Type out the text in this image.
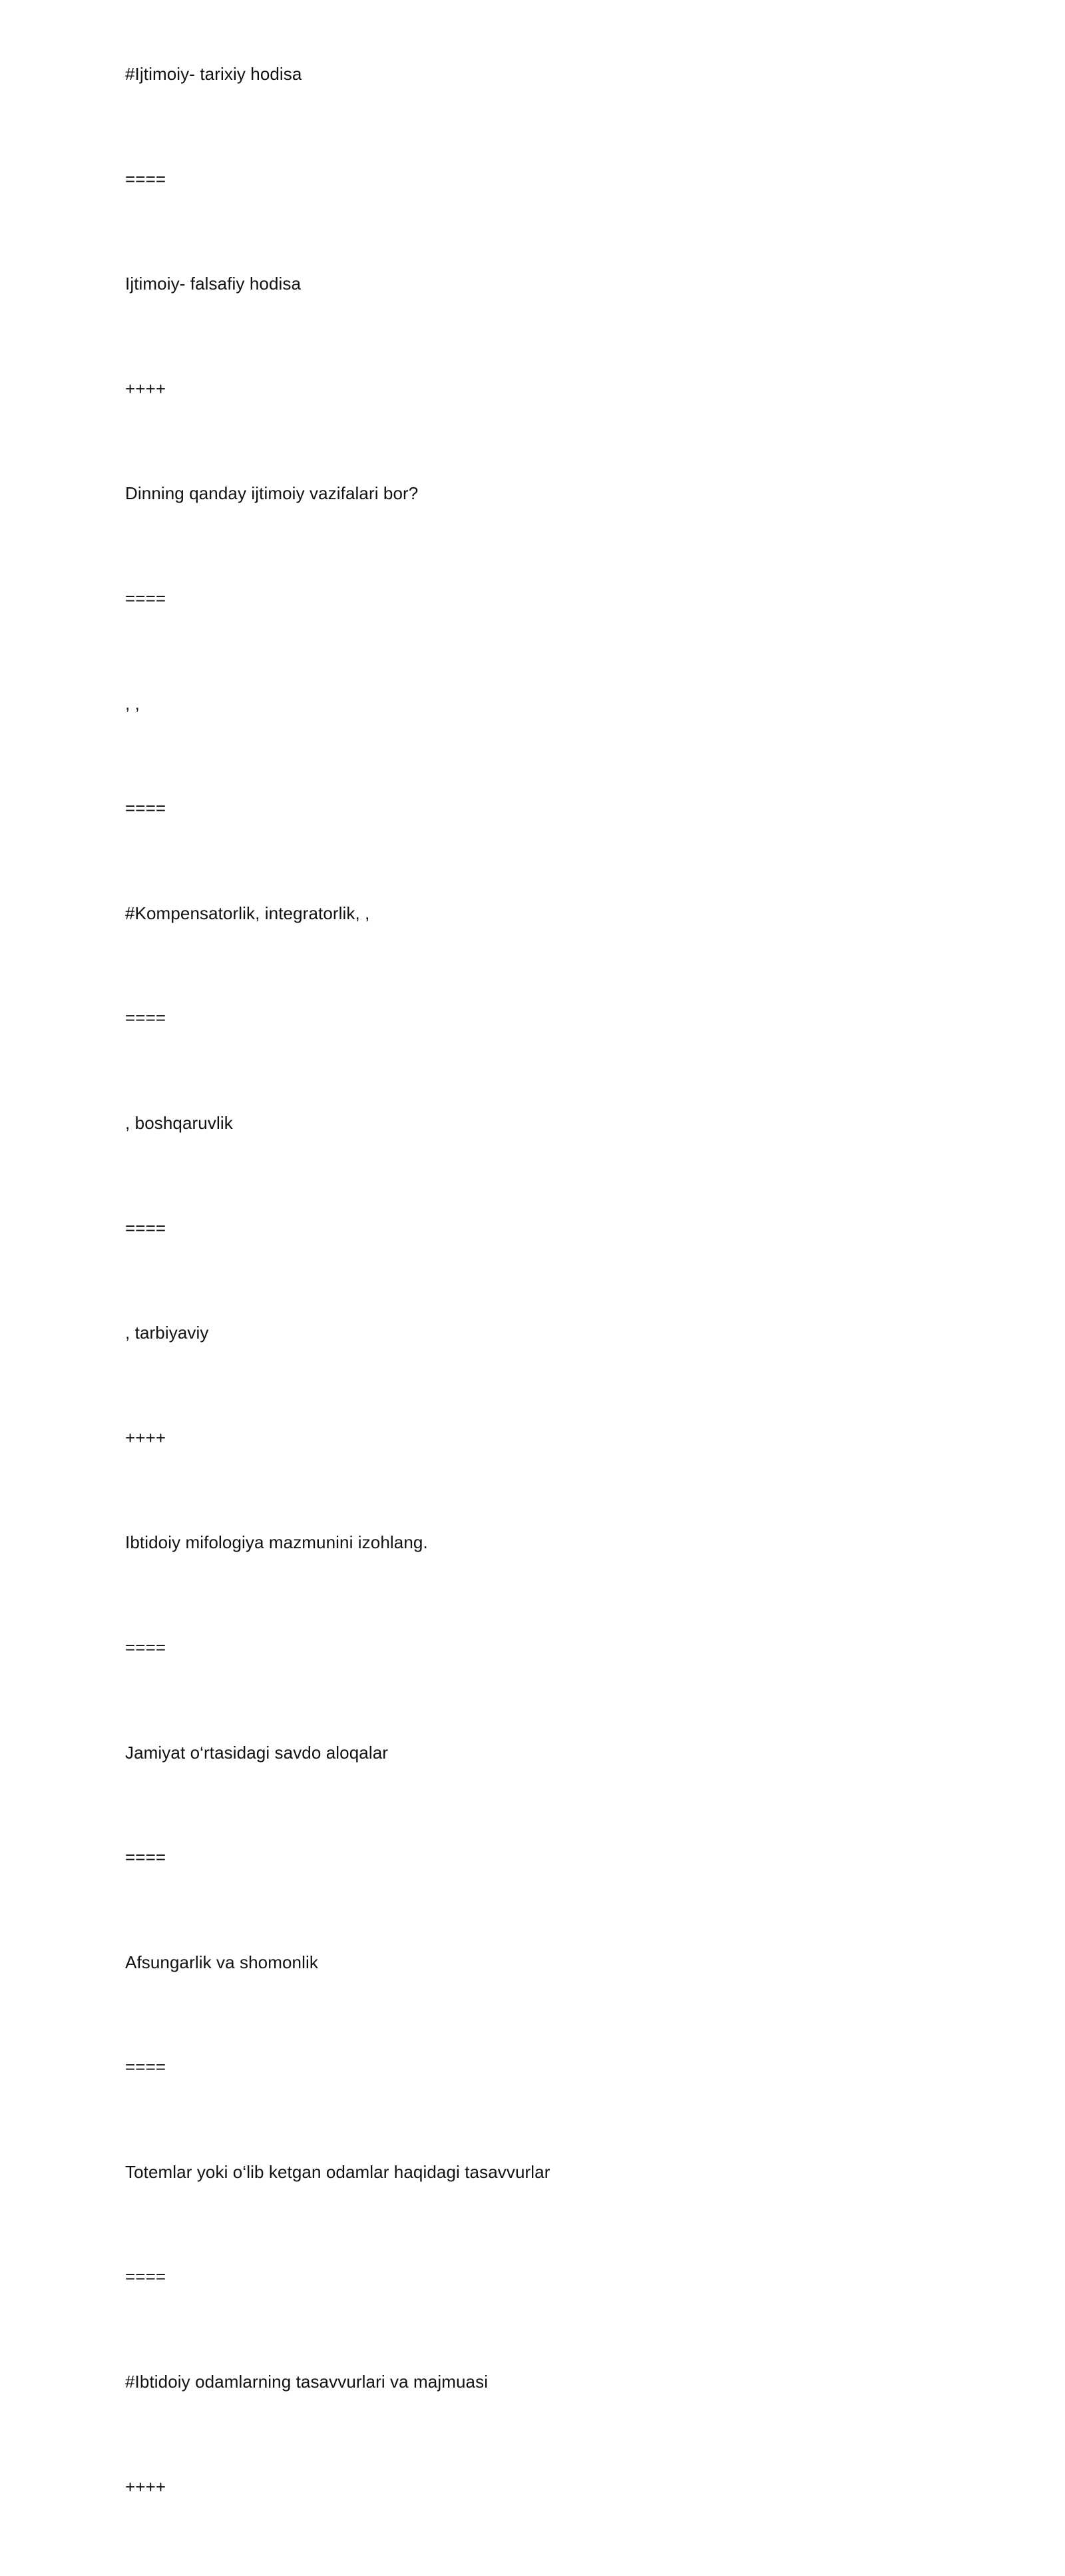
#Ijtimoiy- tarixiy hodisa
====
Ijtimoiy- falsafiy hodisa
++++
Dinning qanday ijtimoiy vazifalari bor?
====
, ,
====
#Kompensatorlik, integratorlik, ,
====
, boshqaruvlik
====
, tarbiyaviy
++++
Ibtidoiy mifologiya mazmunini izohlang.
====
Jamiyat o‘rtasidagi savdo aloqalar
====
Afsungarlik va shomonlik
====
Totemlar yoki o‘lib ketgan odamlar haqidagi tasavvurlar
====
#Ibtidoiy odamlarning tasavvurlari va majmuasi
++++
